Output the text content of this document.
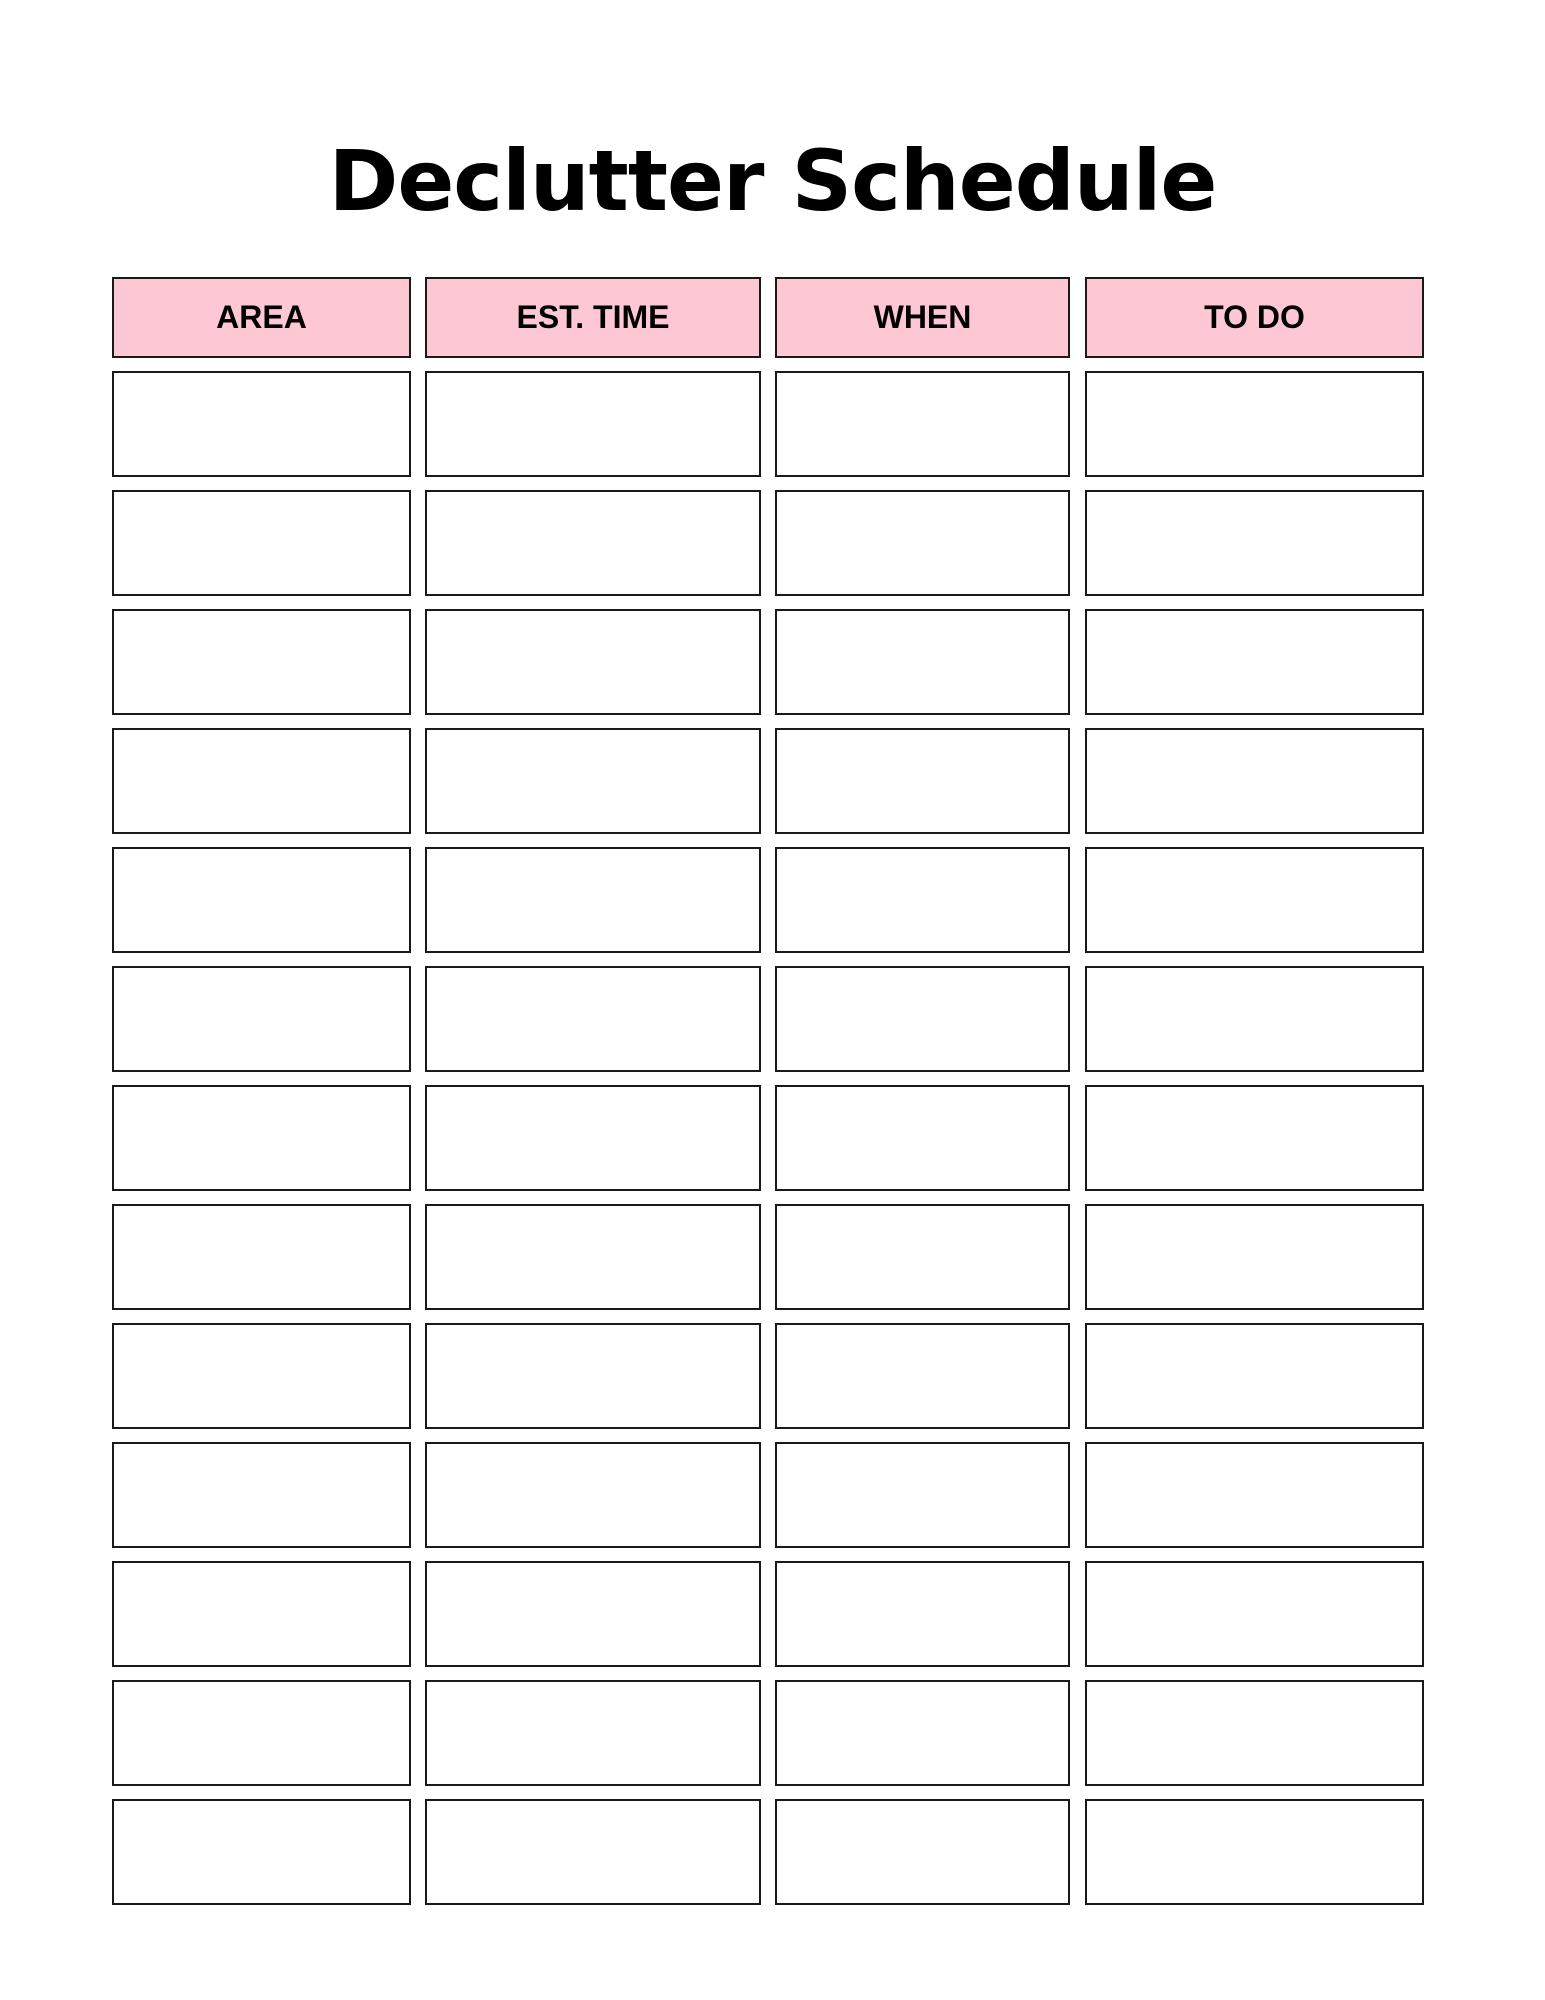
Declutter Schedule
AREA	EST. TIME	WHEN	TO DO
